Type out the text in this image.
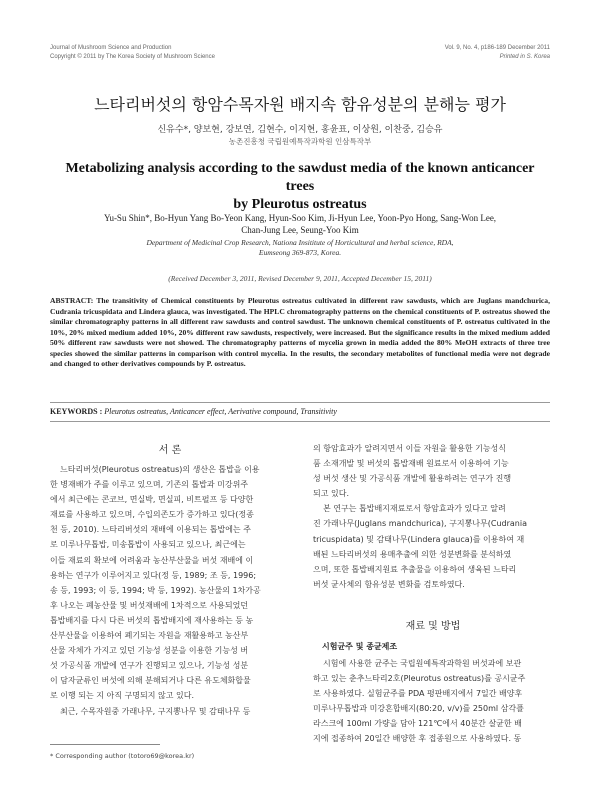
Journal of Mushroom Science and Production
Copyright © 2011 by The Korea Society of Mushroom Science
Vol. 9, No. 4, p186-189 December 2011
Printed in S. Korea
느타리버섯의 항암수목자원 배지속 함유성분의 분해능 평가
신유수*, 양보현, 강보연, 김현수, 이지현, 홍윤표, 이상원, 이찬중, 김승유
농촌진흥청 국립원예특작과학원 인삼특작부
Metabolizing analysis according to the sawdust media of the known anticancer trees
by Pleurotus ostreatus
Yu-Su Shin*, Bo-Hyun Yang Bo-Yeon Kang, Hyun-Soo Kim, Ji-Hyun Lee, Yoon-Pyo Hong, Sang-Won Lee,
Chan-Jung Lee, Seung-Yoo Kim
Department of Medicinal Crop Research, Nationa Insititute of Horticultural and herbal science, RDA,
Eumseong 369-873, Korea.
(Received December 3, 2011, Revised December 9, 2011, Accepted December 15, 2011)
ABSTRACT: The transitivity of Chemical constituents by Pleurotus ostreatus cultivated in different raw sawdusts, which are Juglans mandchurica, Cudrania tricuspidata and Lindera glauca, was investigated. The HPLC chromatography patterns on the chemical constituents of P. ostreatus showed the similar chromatography patterns in all different raw sawdusts and control sawdust. The unknown chemical constituents of P. ostreatus cultivated in the 10%, 20% mixed medium added 10%, 20% different raw sawdusts, respectively, were increased. But the significance results in the mixed medium added 50% different raw sawdusts were not showed. The chromatography patterns of mycelia grown in media added the 80% MeOH extracts of three tree species showed the similar patterns in comparison with control mycelia. In the results, the secondary metabolites of functional media were not degrade and changed to other derivatives compounds by P. ostreatus.
KEYWORDS : Pleurotus ostreatus, Anticancer effect, Aerivative compound, Transitivity
서 론
느타리버섯(Pleurotus ostreatus)의 생산은 톱밥을 이용
한 병재배가 주를 이루고 있으며, 기존의 톱밥과 미강위주
에서 최근에는 콘코브, 면실박, 면실피, 비트펄프 등 다양한
재료를 사용하고 있으며, 수입의존도가 증가하고 있다(정종
천 등, 2010). 느타리버섯의 재배에 이용되는 톱밥에는 주
로 미루나무톱밥, 미송톱밥이 사용되고 있으나, 최근에는
이들 재료의 확보에 어려움과 농산부산물을 버섯 재배에 이
용하는 연구가 이루어지고 있다(정 등, 1989; 조 등, 1996;
송 등, 1993; 이 등, 1994; 박 등, 1992). 농산물의 1차가공
후 나오는 폐농산물 및 버섯재배에 1차적으로 사용되었던
톱밥배지를 다시 다른 버섯의 톱밥배지에 재사용하는 등 농
산부산물을 이용하여 폐기되는 자원을 재활용하고 농산부
산물 자체가 가지고 있던 기능성 성분을 이용한 기능성 버
섯 가공식품 개발에 연구가 진행되고 있으나, 기능성 성분
이 담자균류인 버섯에 의해 분해되거나 다른 유도체화합물
로 이행 되는 지 아직 구명되지 않고 있다.
최근, 수목자원중 가래나무, 구지뽕나무 및 감태나무 등
* Corresponding author (totoro69@korea.kr)
의 항암효과가 알려지면서 이들 자원을 활용한 기능성식
품 소재개발 및 버섯의 톱밥재배 원료로서 이용하여 기능
성 버섯 생산 및 가공식품 개발에 활용하려는 연구가 진행
되고 있다.
본 연구는 톱밥배지재료로서 항암효과가 있다고 알려
진 가래나무(Juglans mandchurica), 구지뽕나무(Cudrania
tricuspidata) 및 감태나무(Lindera glauca)를 이용하여 재
배된 느타리버섯의 용매추출에 의한 성분변화를 분석하였
으며, 또한 톱밥배지원료 추출물을 이용하여 생육된 느타리
버섯 균사체의 함유성분 변화를 검토하였다.
재료 및 방법
시험균주 및 종균제조
시험에 사용한 균주는 국립원예특작과학원 버섯과에 보관
하고 있는 춘추느타리2호(Pleurotus ostreatus)를 공시균주
로 사용하였다. 실험균주를 PDA 평판배지에서 7일간 배양후
미루나무톱밥과 미강혼합배지(80:20, v/v)를 250ml 삼각플
라스크에 100ml 가량을 담아 121℃에서 40분간 살균한 배
지에 접종하여 20일간 배양한 후 접종원으로 사용하였다. 동
